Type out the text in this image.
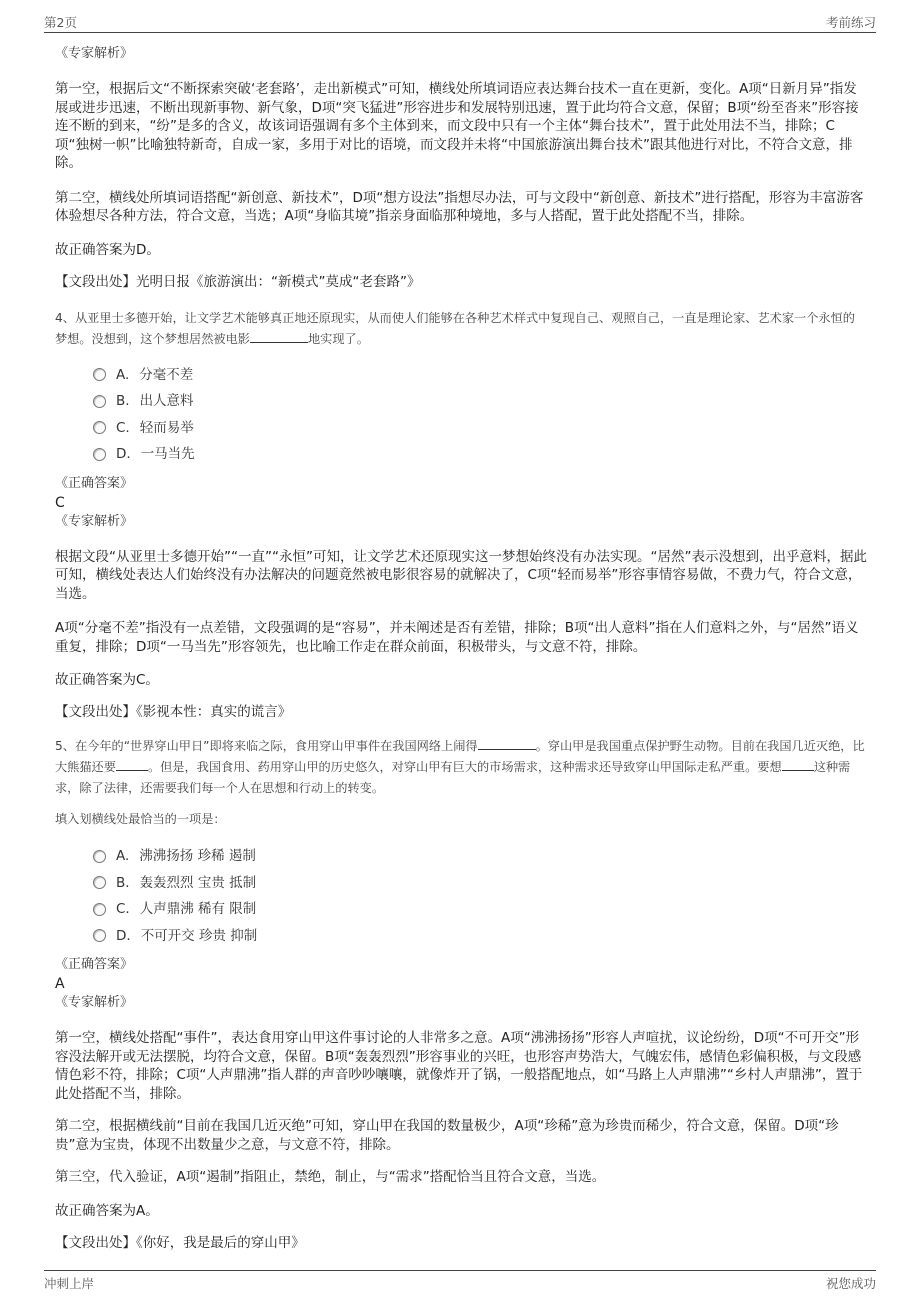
第2页	考前练习
《专家解析》

第一空，根据后文“不断探索突破‘老套路’，走出新模式”可知，横线处所填词语应表达舞台技术一直在更新，变化。A项“日新月异”指发展或进步迅速，不断出现新事物、新气象，D项“突飞猛进”形容进步和发展特别迅速，置于此均符合文意，保留；B项“纷至沓来”形容接连不断的到来，“纷”是多的含义，故该词语强调有多个主体到来，而文段中只有一个主体“舞台技术”，置于此处用法不当，排除；C项“独树一帜”比喻独特新奇，自成一家，多用于对比的语境，而文段并未将“中国旅游演出舞台技术”跟其他进行对比，不符合文意，排除。

第二空，横线处所填词语搭配“新创意、新技术”，D项“想方设法”指想尽办法，可与文段中“新创意、新技术”进行搭配，形容为丰富游客体验想尽各种方法，符合文意，当选；A项“身临其境”指亲身面临那种境地，多与人搭配，置于此处搭配不当，排除。

故正确答案为D。
【文段出处】光明日报《旅游演出：“新模式”莫成“老套路”》

4、从亚里士多德开始，让文学艺术能够真正地还原现实，从而使人们能够在各种艺术样式中复现自己、观照自己，一直是理论家、艺术家一个永恒的梦想。没想到，这个梦想居然被电影	地实现了。

A. 分毫不差
B. 出人意料
C. 轻而易举
D. 一马当先
《正确答案》
C
《专家解析》

根据文段“从亚里士多德开始”“一直”“永恒”可知，让文学艺术还原现实这一梦想始终没有办法实现。“居然”表示没想到，出乎意料，据此可知，横线处表达人们始终没有办法解决的问题竟然被电影很容易的就解决了，C项“轻而易举”形容事情容易做，不费力气，符合文意，当选。

A项“分毫不差”指没有一点差错，文段强调的是“容易”，并未阐述是否有差错，排除；B项“出人意料”指在人们意料之外，与“居然”语义重复，排除；D项“一马当先”形容领先，也比喻工作走在群众前面，积极带头，与文意不符，排除。

故正确答案为C。
【文段出处】《影视本性：真实的谎言》

5、在今年的“世界穿山甲日”即将来临之际，食用穿山甲事件在我国网络上闹得	。穿山甲是我国重点保护野生动物。目前在我国几近灭绝，比大熊猫还要	。但是，我国食用、药用穿山甲的历史悠久，对穿山甲有巨大的市场需求，这种需求还导致穿山甲国际走私严重。要想	这种需求，除了法律，还需要我们每一个人在思想和行动上的转变。

填入划横线处最恰当的一项是：
A. 沸沸扬扬 珍稀 遏制
B. 轰轰烈烈 宝贵 抵制
C. 人声鼎沸 稀有 限制
D. 不可开交 珍贵 抑制
《正确答案》
A
《专家解析》

第一空，横线处搭配“事件”，表达食用穿山甲这件事讨论的人非常多之意。A项“沸沸扬扬”形容人声喧扰，议论纷纷，D项“不可开交”形容没法解开或无法摆脱，均符合文意，保留。B项“轰轰烈烈”形容事业的兴旺，也形容声势浩大，气魄宏伟，感情色彩偏积极，与文段感情色彩不符，排除；C项“人声鼎沸”指人群的声音吵吵嚷嚷，就像炸开了锅，一般搭配地点，如“马路上人声鼎沸”“乡村人声鼎沸”，置于此处搭配不当，排除。

第二空，根据横线前“目前在我国几近灭绝”可知，穿山甲在我国的数量极少，A项“珍稀”意为珍贵而稀少，符合文意，保留。D项“珍贵”意为宝贵，体现不出数量少之意，与文意不符，排除。

第三空，代入验证，A项“遏制”指阻止，禁绝，制止，与“需求”搭配恰当且符合文意，当选。

故正确答案为A。
【文段出处】《你好，我是最后的穿山甲》
冲刺上岸	祝您成功
